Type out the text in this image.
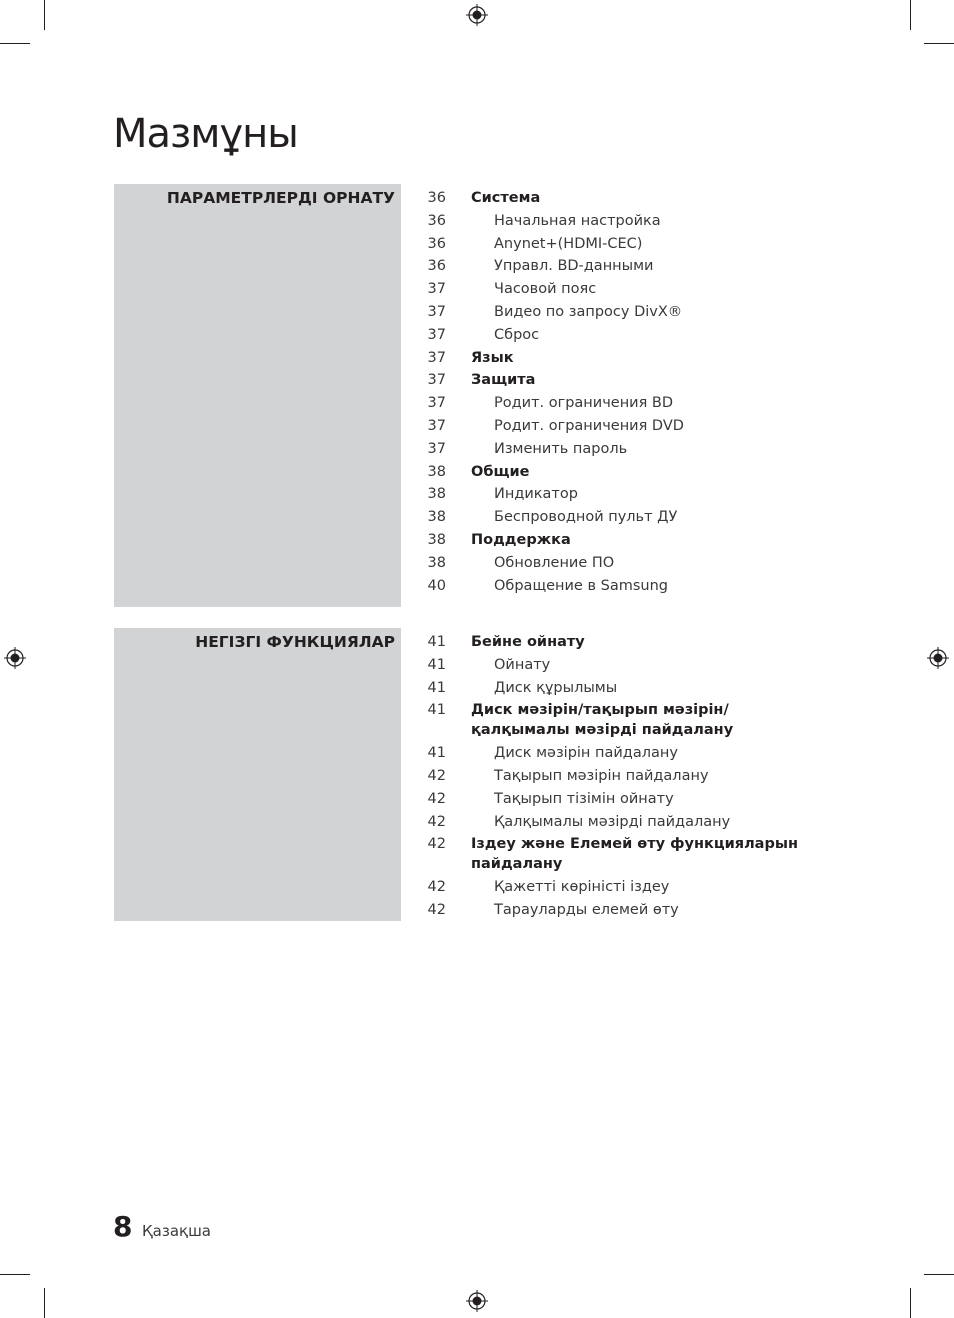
Мазмұны
ПАРАМЕТРЛЕРДІ ОРНАТУ	36	Система
36	Начальная настройка
36	Anynet+(HDMI-CEC)
36	Управл. BD-данными
37	Часовой пояс
37	Видео по запросу DivX®
37	Сброс
37	Язык
37	Защита
37	Родит. ограничения BD
37	Родит. ограничения DVD
37	Изменить пароль
38	Общие
38	Индикатор
38	Беспроводной пульт ДУ
38	Поддержка
38	Обновление ПО
40	Обращение в Samsung
НЕГІЗГІ ФУНКЦИЯЛАР	41	Бейне ойнату
41	Ойнату
41	Диск құрылымы
41	Диск мәзірін/тақырып мәзірін/қалқымалы мәзірді пайдалану
41	Диск мәзірін пайдалану
42	Тақырып мәзірін пайдалану
42	Тақырып тізімін ойнату
42	Қалқымалы мәзірді пайдалану
42	Іздеу және Елемей өту функцияларын пайдалану
42	Қажетті көріністі іздеу
42	Тарауларды елемей өту
8 Қазақша
